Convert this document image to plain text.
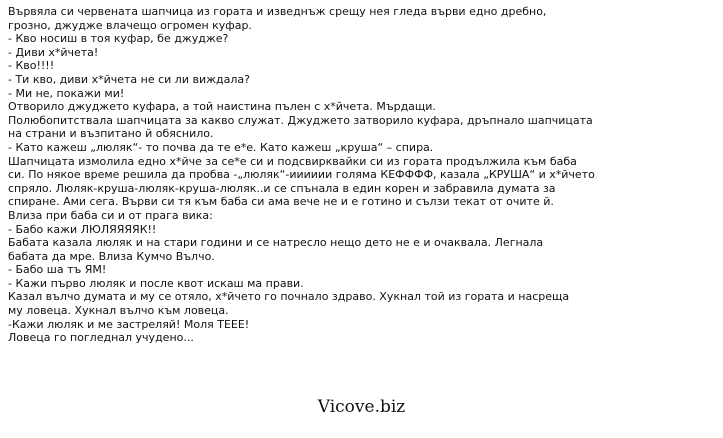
Вървяла си червената шапчица из гората и изведнъж срещу нея гледа върви едно дребно,
грозно, джудже влачещо огромен куфар.
- Кво носиш в тоя куфар, бе джудже?
- Диви х*йчета!
- Кво!!!!
- Ти кво, диви х*йчета не си ли виждала?
- Ми не, покажи ми!
Отворило джуджето куфара, а той наистина пълен с х*йчета. Мърдащи.
Полюбопитствала шапчицата за какво служат. Джуджето затворило куфара, дръпнало шапчицата
на страни и възпитано й обяснило.
- Като кажеш „люляк“- то почва да те е*е. Като кажеш „круша“ – спира.
Шапчицата измолила едно х*йче за се*е си и подсвирквайки си из гората продължила към баба
си. По някое време решила да пробва -„люляк“-ииииии голяма КЕФФФФ, казала „КРУША“ и х*йчето
спряло. Люляк-круша-люляк-круша-люляк..и се спънала в един корен и забравила думата за
спиране. Ами сега. Върви си тя към баба си ама вече не и е готино и сълзи текат от очите й.
Влиза при баба си и от прага вика:
- Бабо кажи ЛЮЛЯЯЯЯК!!
Бабата казала люляк и на стари години и се натресло нещо дето не е и очаквала. Легнала
бабата да мре. Влиза Кумчо Вълчо.
- Бабо ша тъ ЯМ!
- Кажи първо люляк и после квот искаш ма прави.
Казал вълчо думата и му се отяло, х*йчето го почнало здраво. Хукнал той из гората и насреща
му ловеца. Хукнал вълчо към ловеца.
-Кажи люляк и ме застреляй! Моля ТЕЕЕ!
Ловеца го погледнал учудено...
Vicove.biz
